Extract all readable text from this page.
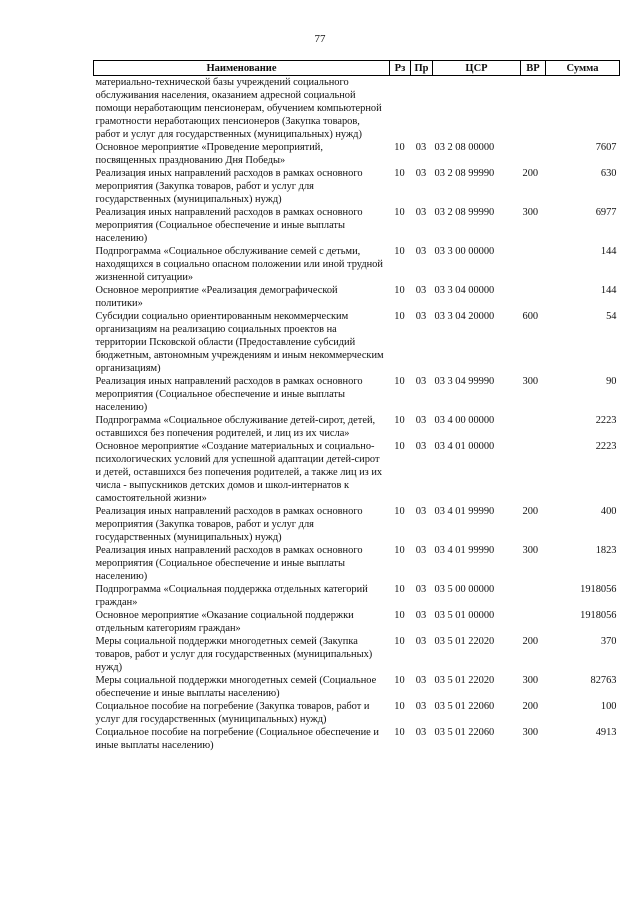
77
Наименование	Рз	Пр	ЦСР	ВР	Сумма
материально-технической базы учреждений социального обслуживания населения, оказанием адресной социальной помощи неработающим пенсионерам, обучением компьютерной грамотности неработающих пенсионеров (Закупка товаров, работ и услуг для государственных (муниципальных) нужд)					
Основное мероприятие «Проведение мероприятий, посвященных празднованию Дня Победы»	10	03	03 2 08 00000		7607
Реализация иных направлений расходов в рамках основного мероприятия (Закупка товаров, работ и услуг для государственных (муниципальных) нужд)	10	03	03 2 08 99990	200	630
Реализация иных направлений расходов в рамках основного мероприятия (Социальное обеспечение и иные выплаты населению)	10	03	03 2 08 99990	300	6977
Подпрограмма «Социальное обслуживание семей с детьми, находящихся в социально опасном положении или иной трудной жизненной ситуации»	10	03	03 3 00 00000		144
Основное мероприятие «Реализация демографической политики»	10	03	03 3 04 00000		144
Субсидии социально ориентированным некоммерческим организациям на реализацию социальных проектов на территории Псковской области (Предоставление субсидий бюджетным, автономным учреждениям и иным некоммерческим организациям)	10	03	03 3 04 20000	600	54
Реализация иных направлений расходов в рамках основного мероприятия (Социальное обеспечение и иные выплаты населению)	10	03	03 3 04 99990	300	90
Подпрограмма «Социальное обслуживание детей-сирот, детей, оставшихся без попечения родителей, и лиц из их числа»	10	03	03 4 00 00000		2223
Основное мероприятие «Создание материальных и социально-психологических условий для успешной адаптации детей-сирот и детей, оставшихся без попечения родителей, а также лиц из их числа - выпускников детских домов и школ-интернатов к самостоятельной жизни»	10	03	03 4 01 00000		2223
Реализация иных направлений расходов в рамках основного мероприятия (Закупка товаров, работ и услуг для государственных (муниципальных) нужд)	10	03	03 4 01 99990	200	400
Реализация иных направлений расходов в рамках основного мероприятия (Социальное обеспечение и иные выплаты населению)	10	03	03 4 01 99990	300	1823
Подпрограмма «Социальная поддержка отдельных категорий граждан»	10	03	03 5 00 00000		1918056
Основное мероприятие «Оказание социальной поддержки отдельным категориям граждан»	10	03	03 5 01 00000		1918056
Меры социальной поддержки многодетных семей (Закупка товаров, работ и услуг для государственных (муниципальных) нужд)	10	03	03 5 01 22020	200	370
Меры социальной поддержки многодетных семей (Социальное обеспечение и иные выплаты населению)	10	03	03 5 01 22020	300	82763
Социальное пособие на погребение (Закупка товаров, работ и услуг для государственных (муниципальных) нужд)	10	03	03 5 01 22060	200	100
Социальное пособие на погребение (Социальное обеспечение и иные выплаты населению)	10	03	03 5 01 22060	300	4913
